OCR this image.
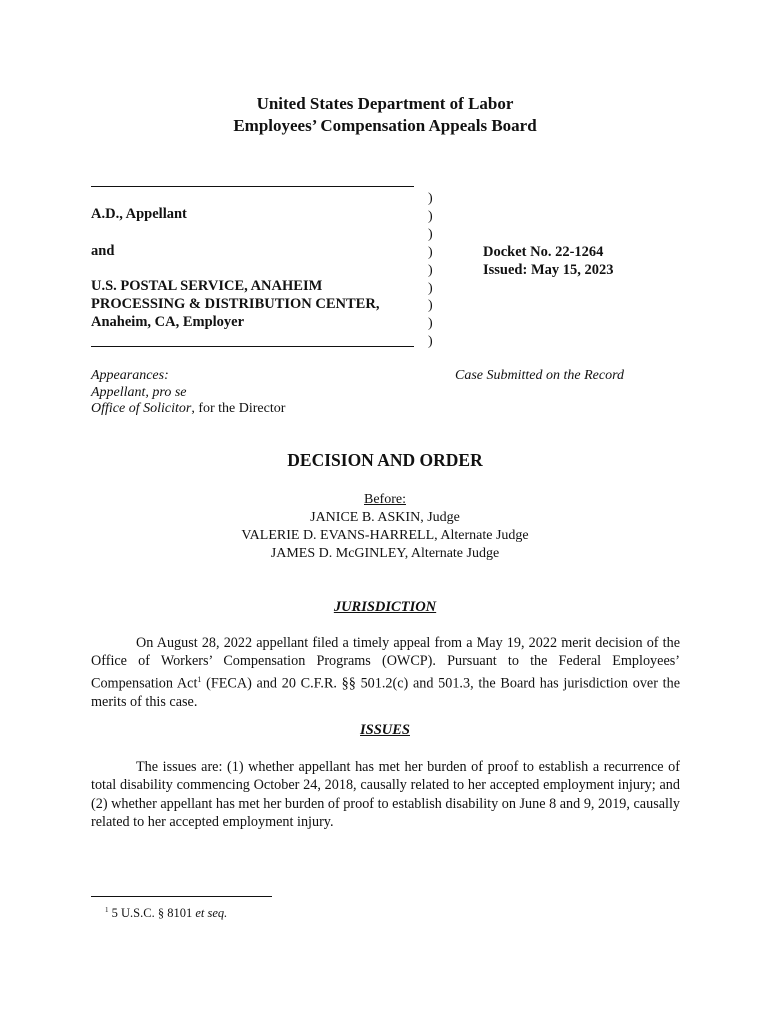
United States Department of Labor
Employees’ Compensation Appeals Board
A.D., Appellant
and
U.S. POSTAL SERVICE, ANAHEIM
PROCESSING & DISTRIBUTION CENTER,
Anaheim, CA, Employer
)
)
)
)
)
)
)
)
)
Docket No. 22-1264
Issued: May 15, 2023
Appearances:
Appellant, pro se
Office of Solicitor, for the Director
Case Submitted on the Record
DECISION AND ORDER
Before:
JANICE B. ASKIN, Judge
VALERIE D. EVANS-HARRELL, Alternate Judge
JAMES D. McGINLEY, Alternate Judge
JURISDICTION
On August 28, 2022 appellant filed a timely appeal from a May 19, 2022 merit decision of the Office of Workers’ Compensation Programs (OWCP). Pursuant to the Federal Employees’ Compensation Act$^1$ (FECA) and 20 C.F.R. §§ 501.2(c) and 501.3, the Board has jurisdiction over the merits of this case.
ISSUES
The issues are: (1) whether appellant has met her burden of proof to establish a recurrence of total disability commencing October 24, 2018, causally related to her accepted employment injury; and (2) whether appellant has met her burden of proof to establish disability on June 8 and 9, 2019, causally related to her accepted employment injury.
$^1$ 5 U.S.C. § 8101 et seq.
